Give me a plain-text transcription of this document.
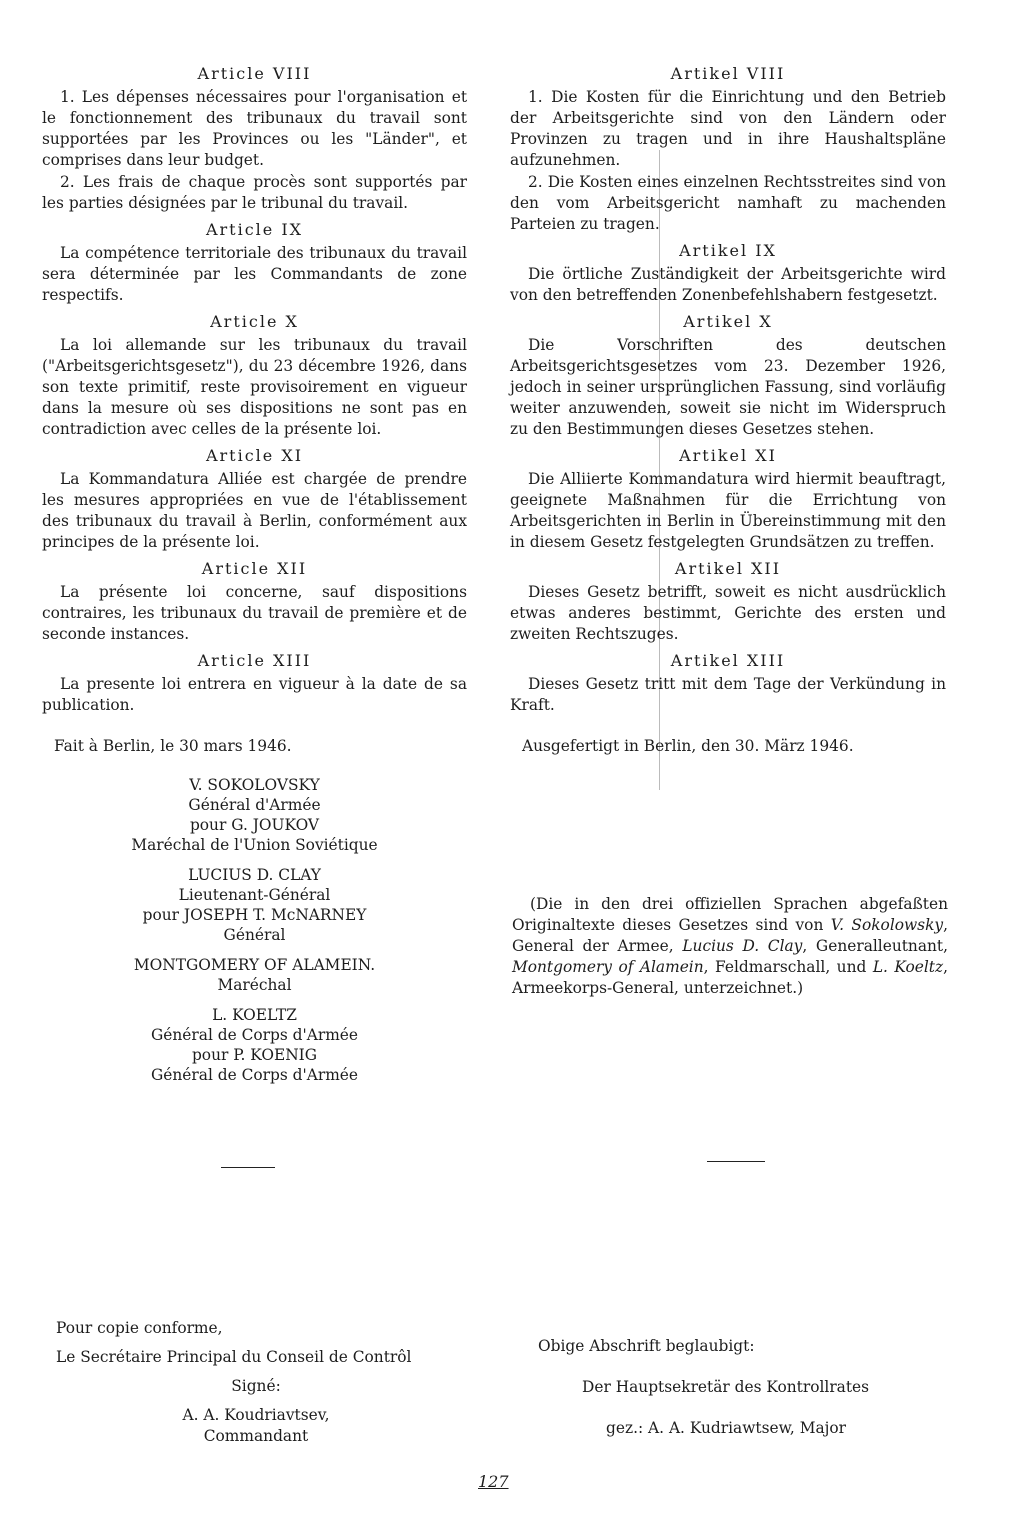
Article VIII

1. Les dépenses nécessaires pour l'organisation et le fonctionnement des tribunaux du travail sont supportées par les Provinces ou les "Länder", et comprises dans leur budget.

2. Les frais de chaque procès sont supportés par les parties désignées par le tribunal du travail.

Article IX

La compétence territoriale des tribunaux du travail sera déterminée par les Commandants de zone respectifs.

Article X

La loi allemande sur les tribunaux du travail ("Arbeitsgerichtsgesetz"), du 23 décembre 1926, dans son texte primitif, reste provisoirement en vigueur dans la mesure où ses dispositions ne sont pas en contradiction avec celles de la présente loi.

Article XI

La Kommandatura Alliée est chargée de prendre les mesures appropriées en vue de l'établissement des tribunaux du travail à Berlin, conformément aux principes de la présente loi.

Article XII

La présente loi concerne, sauf dispositions contraires, les tribunaux du travail de première et de seconde instances.

Article XIII

La presente loi entrera en vigueur à la date de sa publication.

Fait à Berlin, le 30 mars 1946.

V. SOKOLOVSKY
Général d'Armée
pour G. JOUKOV
Maréchal de l'Union Soviétique
LUCIUS D. CLAY
Lieutenant-Général
pour JOSEPH T. McNARNEY
Général
MONTGOMERY OF ALAMEIN.
Maréchal
L. KOELTZ
Général de Corps d'Armée
pour P. KOENIG
Général de Corps d'Armée
Artikel VIII

1. Die Kosten für die Einrichtung und den Betrieb der Arbeitsgerichte sind von den Ländern oder Provinzen zu tragen und in ihre Haushaltspläne aufzunehmen.

2. Die Kosten eines einzelnen Rechtsstreites sind von den vom Arbeitsgericht namhaft zu machenden Parteien zu tragen.

Artikel IX

Die örtliche Zuständigkeit der Arbeitsgerichte wird von den betreffenden Zonenbefehlshabern festgesetzt.

Artikel X

Die Vorschriften des deutschen Arbeitsgerichtsgesetzes vom 23. Dezember 1926, jedoch in seiner ursprünglichen Fassung, sind vorläufig weiter anzuwenden, soweit sie nicht im Widerspruch zu den Bestimmungen dieses Gesetzes stehen.

Artikel XI

Die Alliierte Kommandatura wird hiermit beauftragt, geeignete Maßnahmen für die Errichtung von Arbeitsgerichten in Berlin in Übereinstimmung mit den in diesem Gesetz festgelegten Grundsätzen zu treffen.

Artikel XII

Dieses Gesetz betrifft, soweit es nicht ausdrücklich etwas anderes bestimmt, Gerichte des ersten und zweiten Rechtszuges.

Artikel XIII

Dieses Gesetz tritt mit dem Tage der Verkündung in Kraft.

Ausgefertigt in Berlin, den 30. März 1946.

(Die in den drei offiziellen Sprachen abgefaßten Originaltexte dieses Gesetzes sind von V. Sokolowsky, General der Armee, Lucius D. Clay, Generalleutnant, Montgomery of Alamein, Feldmarschall, und L. Koeltz, Armeekorps-General, unterzeichnet.)
Pour copie conforme,
Le Secrétaire Principal du Conseil de Contrôl
Signé:
A. A. Koudriavtsev,
Commandant
Obige Abschrift beglaubigt:
Der Hauptsekretär des Kontrollrates
gez.: A. A. Kudriawtsew, Major
127
